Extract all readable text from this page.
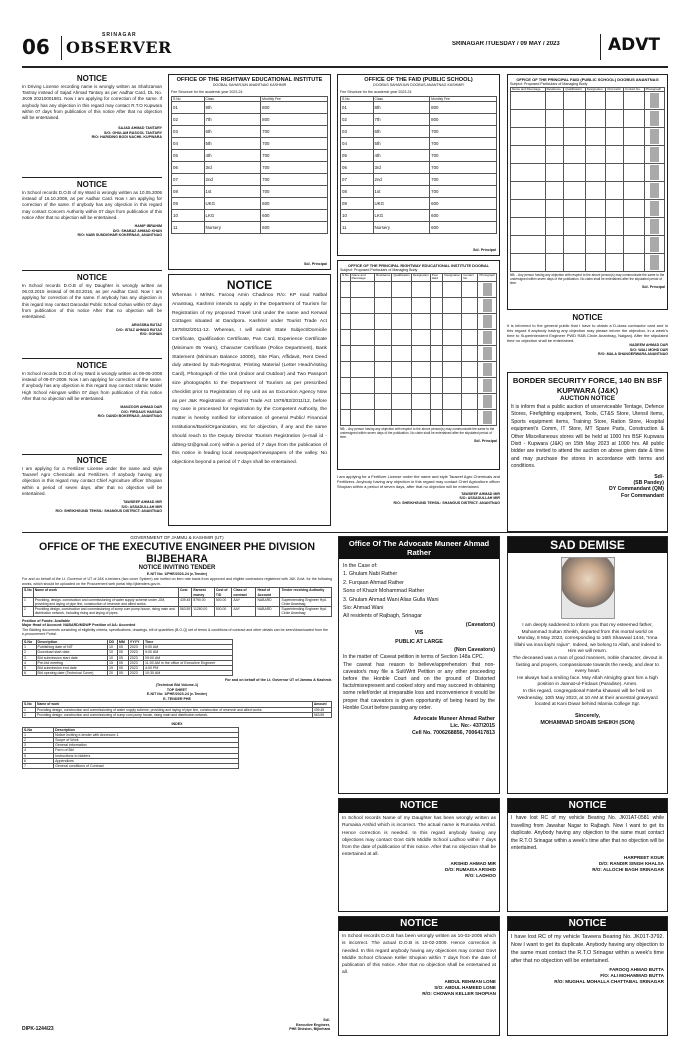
06	SRINAGAR
OBSERVER	SRINAGAR /TUESDAY / 09 MAY / 2023	ADVT
NOTICE
In Driving License recording name is wrongly written as Shahzaman Tantray instead of Sajad Ahmad Tantary as per Aadhar Card, DL No. JK09 20210001881. Now I am applying for correction of the same. If anybody has any objection in this regard may contact R.T.O Kupwara within 07 days from publication of this notice After that no objection will be entertained.
SAJAD AHMAD TANTARY
S/O: GHULAM RASOOL TANTARY
R/O: HARIDING BODI NACHIL KUPWARA
NOTICE
In School records D.O.B of my Ward is wrongly written as 10.05.2006 instead of 16.10.2008, as per Aadhar Card. Now I am applying for correction of the same. If anybody has any objection in this regard may contact Concern Authority within 07 days from publication of this notice After that no objection will be entertained.
HANIF IBRAHIM
D/O: SHABAZ AHMAD KHAN
R/O: NAIB SUNDIGHAR KOKERNAG, ANANTNAG
NOTICE
In School records D.O.B of my Daughter is wrongly written as 06.03.2015 instead of 06.03.2016, as per Aadhar Card. Now I am applying for correction of the same. If anybody has any objection in this regard may contact Daroodal Public School Gohan within 07 days from publication of this notice After that no objection will be entertained.
ARUSSBA BUTAZ
D/O: ISTAZ AHMAD BUTAZ
R/O: GOHAN
NOTICE
In School records D.O.B of my Ward is wrongly written as 08-06-2008 instead of 09-07-2009. Now I am applying for correction of the same. If anybody has any objection in this regard may contact Islamic Model High School Akingam within 07 days from publication of this notice After that no objection will be entertained.
MANZOOR AHMAD DAR
D/O: FIRDAUS HASSAN
R/O: DANDI BOKERNAG, ANANTNAG
NOTICE
I am applying for a Fertilizer License under the name and style Tauseef Agro Chemicals and Fertilizers. If anybody having any objection in this regard may contact Chief Agriculture officer Shopian within a period of seven days, after that no objection will be entertained.
TAWSEEF AHMAD MIR
S/O: ASSADULLAH MIR
R/O: SHEIKHGUND TEHSIL: SHANGUS DISTRICT: ANANTNAG
OFFICE OF THE RIGHTWAY EDUCATIONAL INSTITUTE
DOOBAL SAHARJUN ANANTNAG KASHMIR
Fee Structure for the academic year 2023-24
S.No	Class	Monthly Fee
01	9th	800
02	7th	800
03	6th	700
04	5th	700
05	4th	700
06	3rd	700
07	2nd	700
08	1st	700
09	UKG	600
10	LKG	600
11	Nursery	600
Sd/- Principal
OFFICE OF THE FAID (PUBLIC SCHOOL)
DOOBUS SAHARJUN DOOBUS ANANTNAG KASHMIR
Fee Structure for the academic year 2023-24
S.No	Class	Monthly Fee
01	8th	800
02	7th	800
03	6th	700
04	5th	700
05	4th	700
06	3rd	700
07	2nd	700
08	1st	700
09	UKG	600
10	LKG	600
11	Nursery	600
Sd/- Principal
OFFICE OF THE PRINCIPAL FAID (PUBLIC SCHOOL) DOOBUS ANANTNAG
Subject: Proposed Particulars of Managing Body
Name and Parentage	Residence	Qualification	Designation	Post Held	Contact No.	Photograph

NB: - Any person having any objection with respect to the above person(s) may communicate the same to the undersigned within seven days of the publication. No claim shall be entertained after the stipulated period of time.
Sd/- Principal
NOTICE
It is informed to the general public that I have to obtain a D-class contractor card and in this regard if anybody having any objection may please inform the objection, in a week's time to Superintendent Engineer PWD R&B Circle Anantnag, Nalganj. After the stipulated time no objection shall be entertained.
NADEEM AHMAD DAR
S/O: WALI MOHD DAR
R/O: MALA SHANGERWARA ANANTNAG
BORDER SECURITY FORCE, 140 BN BSF KUPWARA (J&K)
AUCTION NOTICE
It is inform that a public auction of unserviceable Tentage, Defence Stores, Firefighting equipment, Tools, CT&S Store, Utensil items, Sports equipment items, Training Store, Ration Store, Hospital equipment's Comm, IT Store, MT Spare Parts, Construction & Other Miscellaneous stores will be held at 1000 hrs BSF Kupwara Distt - Kupwara (J&K) on 15th May 2023 at 1000 hrs. All public bidder are invited to attend the auction on above given date & time and may purchase the stores in accordance with terms and conditions.
Sd/-
(SB Pandey)
DY Commandant (QM)
For Commandant
NOTICE
Whereas I Mr/Ms. Farooq Amin Chadinoo R/o: KP road Nalbal Anantnag, Kashmir intends to apply in the Department of Tourism for Registration of my proposed Travel Unit under the name and Kenwal Cottages situated at Dandpora. Kashmir under Tourist Trade Act 1978/82/2011-12. Whereas, I will submit State Subject/Domicile Certificate, Qualification Certificate, Pan Card, Experience Certificate (Minimum 05 Years), Character Certificate (Police Department), Bank Statement (Minimum Balance 10000), Site Plan, Affidavit, Rent Deed duly attested by Sub-Registrar, Printing Material (Letter Head/Visiting Card), Photograph of the Unit (Indoor and Outdoor) and Two Passport size photographs to the Department of Tourism as per prescribed checklist prior to Registration of my unit as an Excursion Agency Now as per J&K Registration of Tourist Trade Act 1978/82/2011/12, before my case is processed for registration by the Competent Authority, the matter is hereby notified for information of general Public/ Financial Institutions/Bank/Organization, etc for objection, if any and the same should reach to the Deputy Director Tourism Registration (e-mail id -ddtreg-t2@gmail.com) within a period of 7 days from the publication of this notice in leading local newspaper/newspapers of the valley. No objections beyond a period of 7 days shall be entertained.
OFFICE OF THE PRINCIPAL RIGHTWAY EDUCATIONAL INSTITUTE DOOBAL
Subject: Proposed Particulars of Managing Body
S.No	Name and Parentage	Residence	Qualification	Designation	Post Held	Designation	Contact No.	Photograph

NB: - Any person having any objection with respect to the above person(s) may communicate the same to the undersigned within seven days of the publication. No claim shall be entertained after the stipulated period of time.
Sd/- Principal
I am applying for a Fertilizer License under the name and style Tauseef Agro Chemicals and Fertilizers. Anybody having any objection in this regard may contact Chief Agriculture officer Shopian within a period of seven days, after that no objection will be entertained.
TAWSEEF AHMAD MIR
S/O: ASSADULLAH MIR
R/O: SHEIKHGUND TEHSIL: SHANGUS DISTRICT: ANANTNAG
GOVERNMENT OF JAMMU & KASHMIR (UT)
OFFICE OF THE EXECUTIVE ENGINEER PHE DIVISION BIJBEHARA
NOTICE INVITING TENDER
E-NIT No: 1/PHE/2023-24 (e-Tender)
For and on behalf of the Lt. Governor of UT of J&K e-tenders (two cover System) are invited on item rate basis from approved and eligible contractors registered with J&K Govt. for the following works, which should be uploaded on the Procurement web portal http://jktenders.gov.in.
S.No	Name of work	Cost	Earnest money	Cost of T/D	Class of contract	Head of Account	Tender receiving Authority
1	Providing, design, construction and commissioning of water supply scheme under JJM, providing and laying of pipe line, construction of reservoir and allied works.	439.45	8790.00	500.00	AAY	NABARD	Superintending Engineer Hyd. Circle Anantnag
2	Providing design, construction and commissioning of sump cum pump house, rising main and distribution network, including rising and laying of pipes.	563.59	11260.00	500.00	AAY	NABARD	Superintending Engineer Hyd. Circle Anantnag
Position of Funds: Available
Major Head of Account: NABARD/MDWP Position of AA: Accorded
The Bidding documents consisting of eligibility criteria, specifications, drawings, bill of quantities (B.O.Q) set of terms & conditions of contract and other details can be seen/downloaded from the e-procurement Portal.
S.No	Description	DD	MM	YYYY	Time
1	Publishing date of NIT	10	05	2023	9:00 AM
2	Download start date	10	05	2023	9:00 AM
3	Bid submission start date	10	05	2023	09:00 AM
4	Pre-bid meeting	15	05	2023	11:00 AM in the office of Executive Engineer
5	Bid submission end date	19	05	2023	4:00 PM
6	Bid opening date (Technical Cover)	20	05	2023	10:30 AM
For and on behalf of the Lt. Governor UT of Jammu & Kashmir.
(Technical Bid Volume-1)
TOP SHEET
E-NIT No: 1/PHE/2023-24 (e-Tender)
E- TENDER PHE
S.No	Name of work	Amount
1	Providing design, construction and commissioning of water supply scheme, providing and laying of pipe line, construction of reservoir and allied works.	439.45
2	Providing design, construction and commissioning of sump cum pump house, rising main and distribution network.	563.59
INDEX
S.No	Description
1	Notice inviting e-tender with Annexure-1
2	Scope of Work
3	General information
4	Form of Bid
5	Instructions to bidders
6	Appendices
7	General conditions of Contract
DIPK-1244/23
Sd/-
Executive Engineer,
PHE Division, Bijbehara
Office Of The Advocate Muneer Ahmad Rather
In the Case of:
1. Ghulam Nabi Rather
2. Furqaan Ahmad Rather
Sons of Khazir Mohammad Rather
3. Ghulam Ahmad Wani Alias Gulla Wani
Sio: Ahmad Wani
All residents of Rajbagh, Srinagar
(Caveators)
VIS
PUBLIC AT LARGE
(Non Caveators)
In the matter of: Caveat petition in terms of Section 148a CPC.
The caveat has reason to believe/apprehension that non-caveator/s may file a Suit/Writ Petition or any other proceeding before the Honble Court and on the ground of Distorted facts/misrepresent and cooked story and may succeed in obtaining some relief/order at irreparable loss and inconvenience it would be proper that caveators is given opportunity of being heard by the Honble Court before passing any order.
Advocate Muneer Ahmad Rather
Lic. No:- 437/2015
Cell No. 7006268856, 7006417813
SAD DEMISE
I am deeply saddened to inform you that my esteemed father, Muhammad Sultan Sheikh, departed from this mortal world on Monday, 8 May 2023, corresponding to 16th Shawwal 1444, "Inna lillahi wa inna ilayhi rajiun". Indeed, we belong to Allah, and indeed to Him we will return.
The deceased was a man of good manners, noble character, devout in fasting and prayers, compassionate towards the needy, and dear to every heart.
He always had a smiling face. May Allah Almighty grant him a high position in Jannat-ul-Firdaus (Paradise). Amen.
In this regard, congregational Fateha khawani will be held on Wednesday, 10th May 2023, at 10 AM at their ancestral graveyard located at Kani Diwar behind Islamia College Sgr.
Sincerely,
MOHAMMAD SHOAIB SHEIKH (SON)
NOTICE
In School records Name of my Daughter has been wrongly written as Rumaisa Arshid which is incorrect. The actual name is Rumaisa Arshid. Hence correction is needed. In this regard anybody having any objections may contact Govt Girls Middle School Ladhoo within 7 days from the date of publication of this notice. After that no objection shall be entertained at all.
ARSHID AHMAD MIR
D/O: RUMAISA ARSHID
R/O: LADHOO
NOTICE
I have lost RC of my vehicle Bearing No. JK01AT-0581 while travelling from Jawahar Nagar to Rajbagh. Now I want to get its duplicate. Anybody having any objection to the same must contact the R.T.O Srinagar within a week's time after that no objection will be entertained.
HARPREET KOUR
D/O: RANDIR SINGH KHALSA
R/O: ALLOCHI BAGH SRINAGAR
NOTICE
In School records D.O.B has been wrongly written as 10-02-2005 which is incorrect. The actual D.O.B is 10-02-2009. Hence correction is needed. In this regard anybody having any objections may contact Govt Middle School Chowan Keller Shopian within 7 days from the date of publication of this notice. After that no objection shall be entertained at all.
ABDUL REHMAN LONE
S/O: ABDUL HAMEED LONE
R/O: CHOWAN KELLER SHOPIAN
NOTICE
I have lost RC of my vehicle Taveera Bearing No. JK01T-3792. Now I want to get its duplicate. Anybody having any objection to the same must contact the R.T.O Srinagar within a week's time after that no objection will be entertained.
FAROOQ AHMAD BUTTA
F/O: ALI MOHAMMAD BUTTA
R/O: MUGHAL MOHALLA CHATTABAL SRINAGAR
